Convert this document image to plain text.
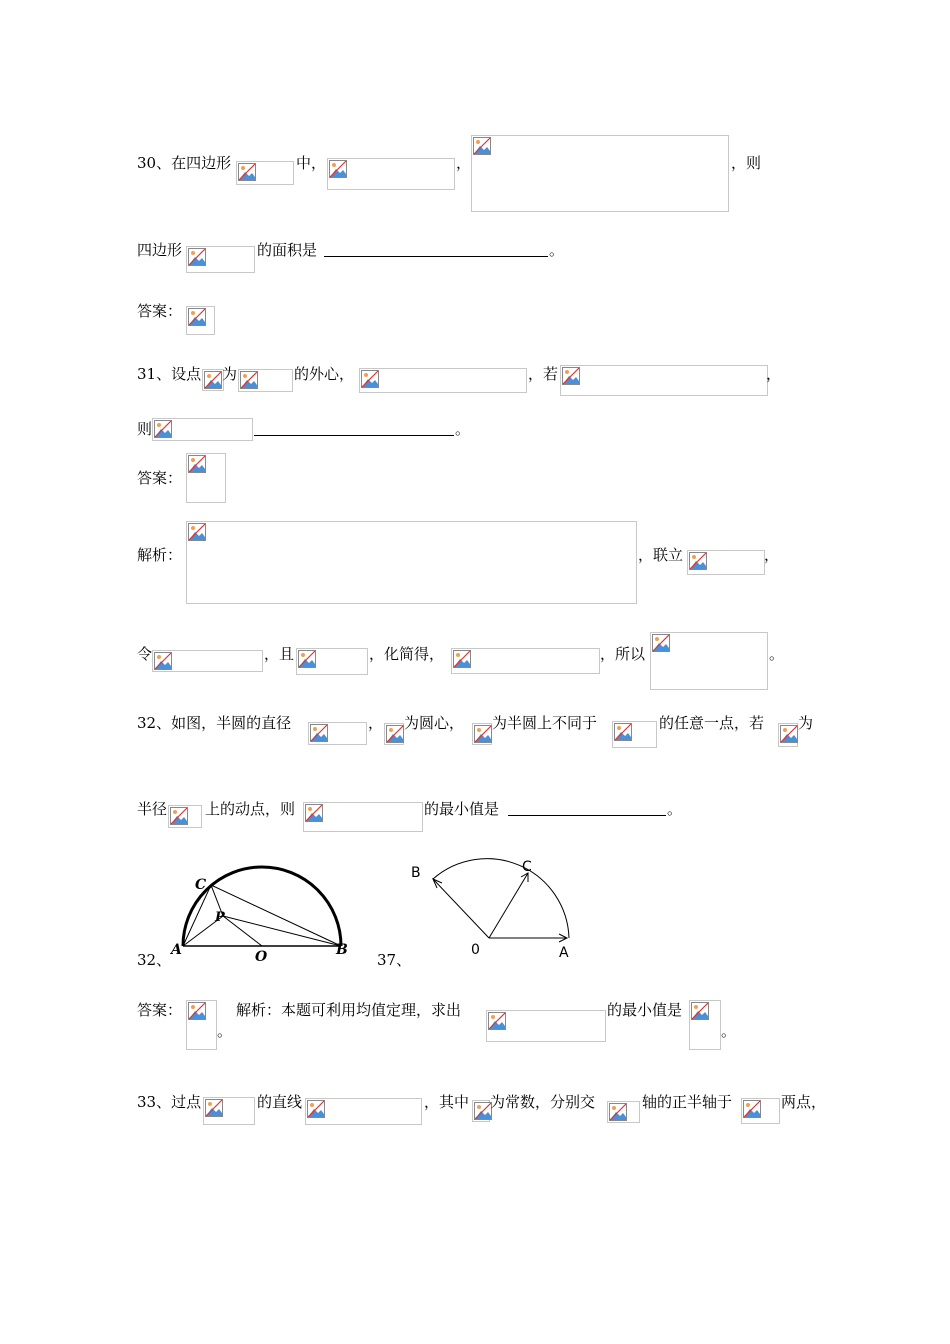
30、在四边形	中，	，	，则
四边形	的面积是	。
答案：
31、设点 为	的外心，	，若	，
则	。
答案：
解析：	，联立	，
令	，且	，化简得，	，所以	。
32、如图，半圆的直径	， 为圆心， 为半圆上不同于	的任意一点，若 为
半径	上的动点，则	的最小值是	。
32、
C
P
A	O	B
37、
B	C
0	A
答案：
。
解析：本题可利用均值定理，求出	的最小值是
。
33、过点	的直线	，其中 为常数，分别交	轴的正半轴于	两点，
